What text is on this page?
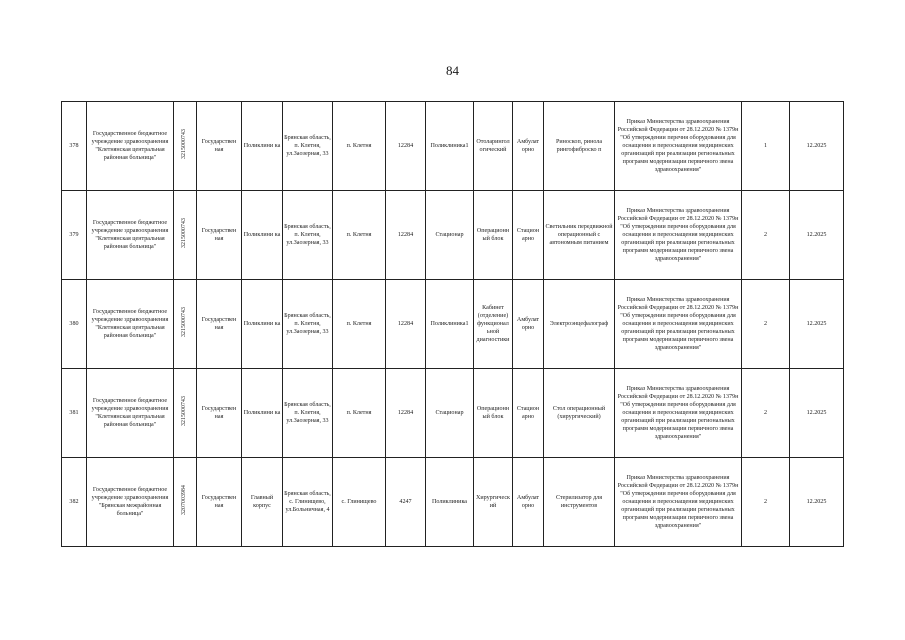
84
378	Государственное бюджетное учреждение здравоохранения "Клетнянская центральная районная больница"	3215000743	Государствен ная	Поликлини ка	Брянская область, п. Клетня, ул.Заозерная, 33	п. Клетня	12284	Поликлиника1	Отоларинrол огический	Амбулат орно	Риноскоп, ринола рингофиброско п	Приказ Министерства здравоохранения Российской Федерации от 28.12.2020 № 1379н "Об утверждении перечня оборудования для оснащения и переоснащения медицинских организаций при реализации региональных программ модернизации первичного звена здравоохранения"	1	12.2025
379	Государственное бюджетное учреждение здравоохранения "Клетнянская центральная районная больница"	3215000743	Государствен ная	Поликлини ка	Брянская область, п. Клетня, ул.Заозерная, 33	п. Клетня	12284	Стационар	Операционн ый блок	Стацион арно	Светильник передвижной операционный с автономным питанием	Приказ Министерства здравоохранения Российской Федерации от 28.12.2020 № 1379н "Об утверждении перечня оборудования для оснащения и переоснащения медицинских организаций при реализации региональных программ модернизации первичного звена здравоохранения"	2	12.2025
380	Государственное бюджетное учреждение здравоохранения "Клетнянская центральная районная больница"	3215000743	Государствен ная	Поликлини ка	Брянская область, п. Клетня, ул.Заозерная, 33	п. Клетня	12284	Поликлиника1	Кабинет (отделение) функционал ьной диагностики	Амбулат орно	Электроэнцефалограф	Приказ Министерства здравоохранения Российской Федерации от 28.12.2020 № 1379н "Об утверждении перечня оборудования для оснащения и переоснащения медицинских организаций при реализации региональных программ модернизации первичного звена здравоохранения"	2	12.2025
381	Государственное бюджетное учреждение здравоохранения "Клетнянская центральная районная больница"	3215000743	Государствен ная	Поликлини ка	Брянская область, п. Клетня, ул.Заозерная, 33	п. Клетня	12284	Стационар	Операционн ый блок	Стацион арно	Стол операционный (хирургический)	Приказ Министерства здравоохранения Российской Федерации от 28.12.2020 № 1379н "Об утверждении перечня оборудования для оснащения и переоснащения медицинских организаций при реализации региональных программ модернизации первичного звена здравоохранения"	2	12.2025
382	Государственное бюджетное учреждение здравоохранения "Брянская межрайонная больница"	3207003984	Государствен ная	Главный корпус	Брянская область, с. Глинищево, ул.Больничная, 4	с. Глинищево	4247	Поликлиника	Хирургическ ий	Амбулат орно	Стерилизатор для инструментов	Приказ Министерства здравоохранения Российской Федерации от 28.12.2020 № 1379н "Об утверждении перечня оборудования для оснащения и переоснащения медицинских организаций при реализации региональных программ модернизации первичного звена здравоохранения"	2	12.2025
